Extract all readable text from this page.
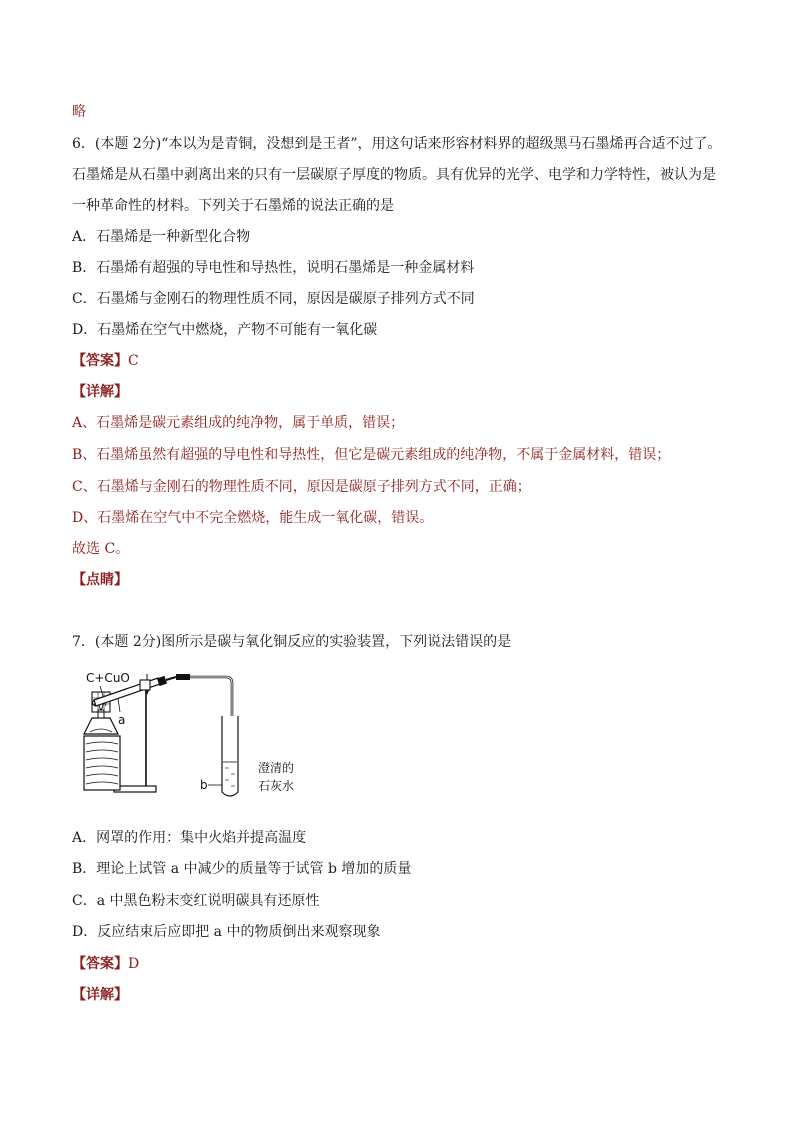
略
6．(本题 2分)“本以为是青铜，没想到是王者”，用这句话来形容材料界的超级黑马石墨烯再合适不过了。
石墨烯是从石墨中剥离出来的只有一层碳原子厚度的物质。具有优异的光学、电学和力学特性，被认为是
一种革命性的材料。下列关于石墨烯的说法正确的是
A．石墨烯是一种新型化合物
B．石墨烯有超强的导电性和导热性，说明石墨烯是一种金属材料
C．石墨烯与金刚石的物理性质不同，原因是碳原子排列方式不同
D．石墨烯在空气中燃烧，产物不可能有一氧化碳
【答案】C
【详解】
A、石墨烯是碳元素组成的纯净物，属于单质，错误；
B、石墨烯虽然有超强的导电性和导热性，但它是碳元素组成的纯净物，不属于金属材料，错误；
C、石墨烯与金刚石的物理性质不同，原因是碳原子排列方式不同，正确；
D、石墨烯在空气中不完全燃烧，能生成一氧化碳，错误。
故选 C。
【点睛】
7．(本题 2分)图所示是碳与氧化铜反应的实验装置，下列说法错误的是
C+CuO
a
b
澄清的
石灰水
A．网罩的作用：集中火焰并提高温度
B．理论上试管 a 中减少的质量等于试管 b 增加的质量
C．a 中黑色粉末变红说明碳具有还原性
D．反应结束后应即把 a 中的物质倒出来观察现象
【答案】D
【详解】
